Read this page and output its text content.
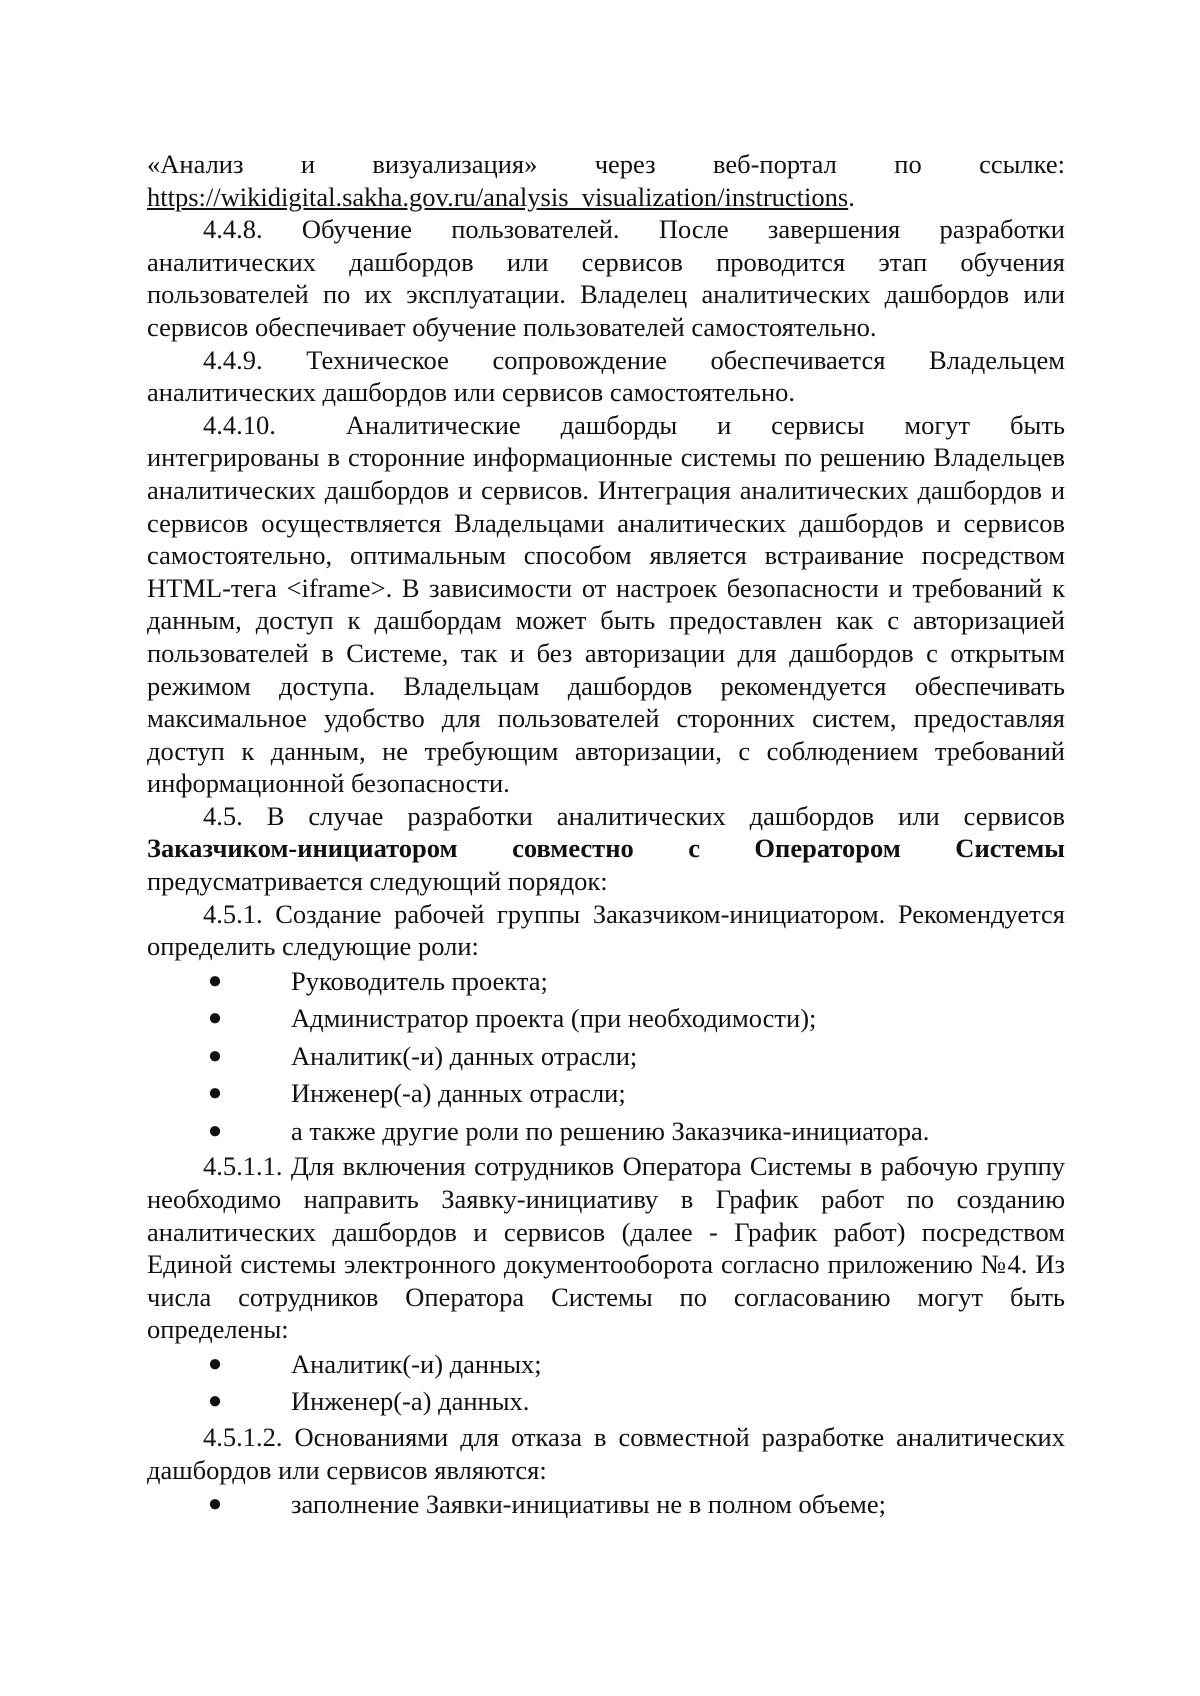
«Анализ и визуализация» через веб-портал по ссылке:

https://wikidigital.sakha.gov.ru/analysis_visualization/instructions.

4.4.8. Обучение пользователей. После завершения разработки аналитических дашбордов или сервисов проводится этап обучения пользователей по их эксплуатации. Владелец аналитических дашбордов или сервисов обеспечивает обучение пользователей самостоятельно.

4.4.9. Техническое сопровождение обеспечивается Владельцем аналитических дашбордов или сервисов самостоятельно.

4.4.10.	Аналитические дашборды и сервисы могут быть интегрированы в сторонние информационные системы по решению Владельцев аналитических дашбордов и сервисов. Интеграция аналитических дашбордов и сервисов осуществляется Владельцами аналитических дашбордов и сервисов самостоятельно, оптимальным способом является встраивание посредством HTML-тега <iframe>. В зависимости от настроек безопасности и требований к данным, доступ к дашбордам может быть предоставлен как с авторизацией пользователей в Системе, так и без авторизации для дашбордов с открытым режимом доступа. Владельцам дашбордов рекомендуется обеспечивать максимальное удобство для пользователей сторонних систем, предоставляя доступ к данным, не требующим авторизации, с соблюдением требований информационной безопасности.

4.5. В случае разработки аналитических дашбордов или сервисов Заказчиком-инициатором совместно с Оператором Системы предусматривается следующий порядок:

4.5.1. Создание рабочей группы Заказчиком-инициатором. Рекомендуется определить следующие роли:

●	Руководитель проекта;
●	Администратор проекта (при необходимости);
●	Аналитик(-и) данных отрасли;
●	Инженер(-а) данных отрасли;
●	а также другие роли по решению Заказчика-инициатора.

4.5.1.1. Для включения сотрудников Оператора Системы в рабочую группу необходимо направить Заявку-инициативу в График работ по созданию аналитических дашбордов и сервисов (далее - График работ) посредством Единой системы электронного документооборота согласно приложению №4. Из числа сотрудников Оператора Системы по согласованию могут быть определены:

●	Аналитик(-и) данных;
●	Инженер(-а) данных.

4.5.1.2. Основаниями для отказа в совместной разработке аналитических дашбордов или сервисов являются:

●	заполнение Заявки-инициативы не в полном объеме;
